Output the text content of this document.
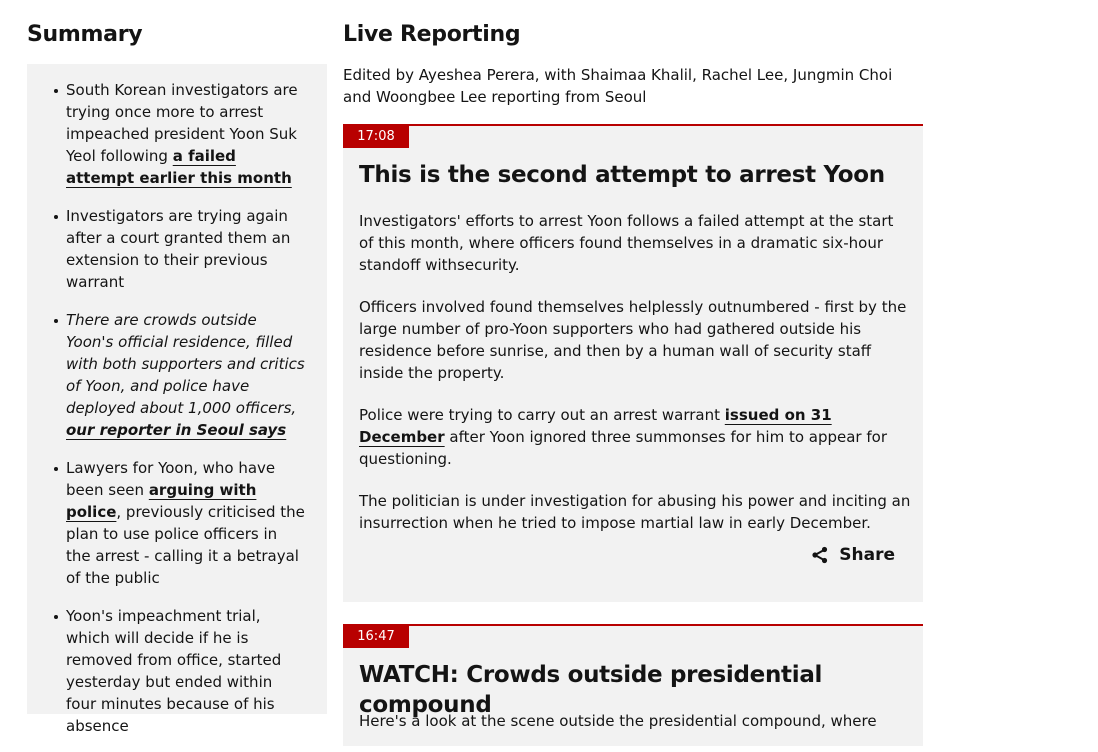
Summary
South Korean investigators are trying once more to arrest impeached president Yoon Suk Yeol following a failed attempt earlier this month
Investigators are trying again after a court granted them an extension to their previous warrant
There are crowds outside Yoon's official residence, filled with both supporters and critics of Yoon, and police have deployed about 1,000 officers, our reporter in Seoul says
Lawyers for Yoon, who have been seen arguing with police, previously criticised the plan to use police officers in the arrest - calling it a betrayal of the public
Yoon's impeachment trial, which will decide if he is removed from office, started yesterday but ended within four minutes because of his absence
Live Reporting
Edited by Ayeshea Perera, with Shaimaa Khalil, Rachel Lee, Jungmin Choi and Woongbee Lee reporting from Seoul
17:08
This is the second attempt to arrest Yoon

Investigators' efforts to arrest Yoon follows a failed attempt at the start of this month, where officers found themselves in a dramatic six-hour standoff withsecurity.

Officers involved found themselves helplessly outnumbered - first by the large number of pro-Yoon supporters who had gathered outside his residence before sunrise, and then by a human wall of security staff inside the property.

Police were trying to carry out an arrest warrant issued on 31 December after Yoon ignored three summonses for him to appear for questioning.

The politician is under investigation for abusing his power and inciting an insurrection when he tried to impose martial law in early December.

Share
16:47
WATCH: Crowds outside presidential compound

Here's a look at the scene outside the presidential compound, where
